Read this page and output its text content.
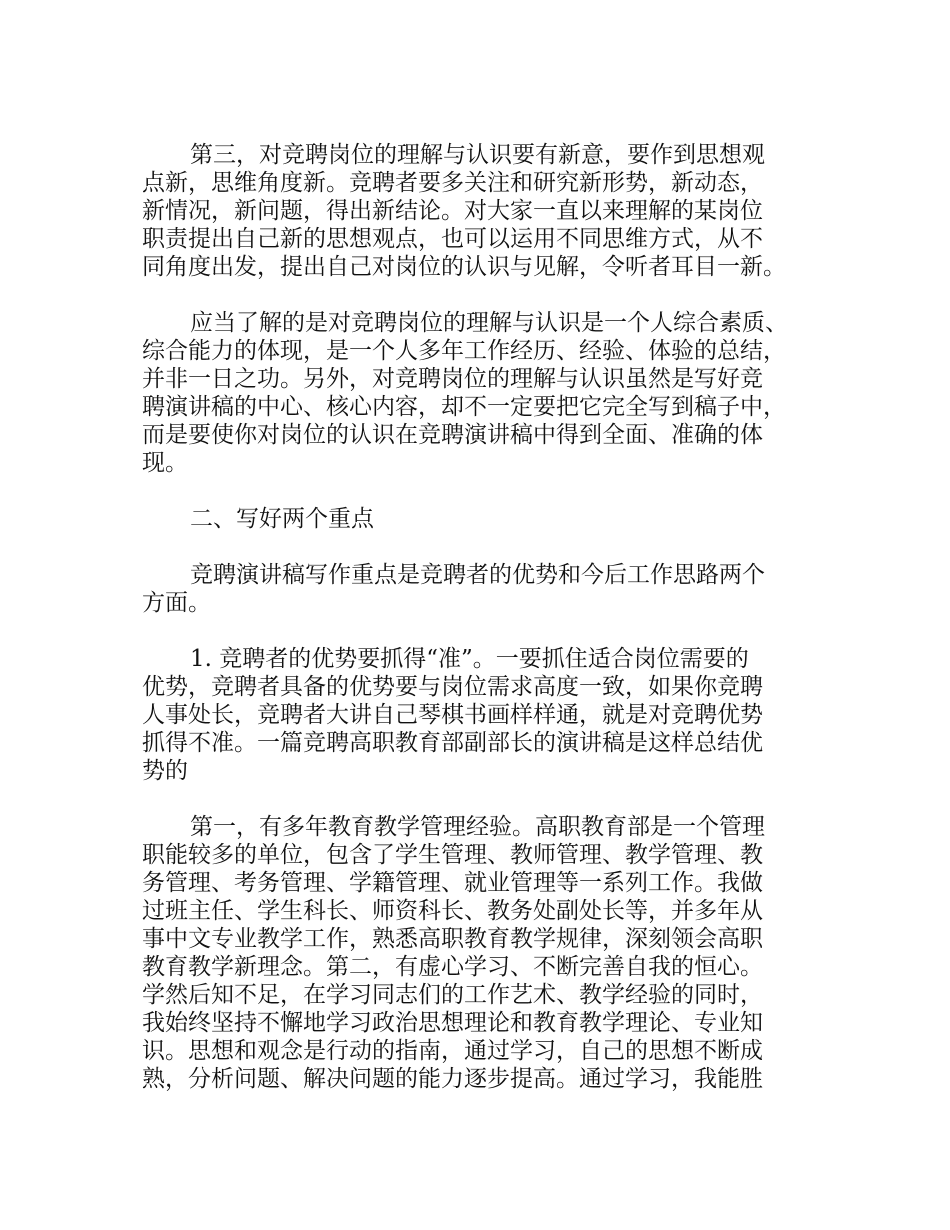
第三，对竞聘岗位的理解与认识要有新意，要作到思想观
点新，思维角度新。竞聘者要多关注和研究新形势，新动态，
新情况，新问题，得出新结论。对大家一直以来理解的某岗位
职责提出自己新的思想观点，也可以运用不同思维方式，从不
同角度出发，提出自己对岗位的认识与见解，令听者耳目一新。
应当了解的是对竞聘岗位的理解与认识是一个人综合素质、
综合能力的体现，是一个人多年工作经历、经验、体验的总结，
并非一日之功。另外，对竞聘岗位的理解与认识虽然是写好竞
聘演讲稿的中心、核心内容，却不一定要把它完全写到稿子中，
而是要使你对岗位的认识在竞聘演讲稿中得到全面、准确的体
现。
二、写好两个重点
竞聘演讲稿写作重点是竞聘者的优势和今后工作思路两个
方面。
1. 竞聘者的优势要抓得“准”。一要抓住适合岗位需要的
优势，竞聘者具备的优势要与岗位需求高度一致，如果你竞聘
人事处长，竞聘者大讲自己琴棋书画样样通，就是对竞聘优势
抓得不准。一篇竞聘高职教育部副部长的演讲稿是这样总结优
势的
第一，有多年教育教学管理经验。高职教育部是一个管理
职能较多的单位，包含了学生管理、教师管理、教学管理、教
务管理、考务管理、学籍管理、就业管理等一系列工作。我做
过班主任、学生科长、师资科长、教务处副处长等，并多年从
事中文专业教学工作，熟悉高职教育教学规律，深刻领会高职
教育教学新理念。第二，有虚心学习、不断完善自我的恒心。
学然后知不足，在学习同志们的工作艺术、教学经验的同时，
我始终坚持不懈地学习政治思想理论和教育教学理论、专业知
识。思想和观念是行动的指南，通过学习，自己的思想不断成
熟，分析问题、解决问题的能力逐步提高。通过学习，我能胜
